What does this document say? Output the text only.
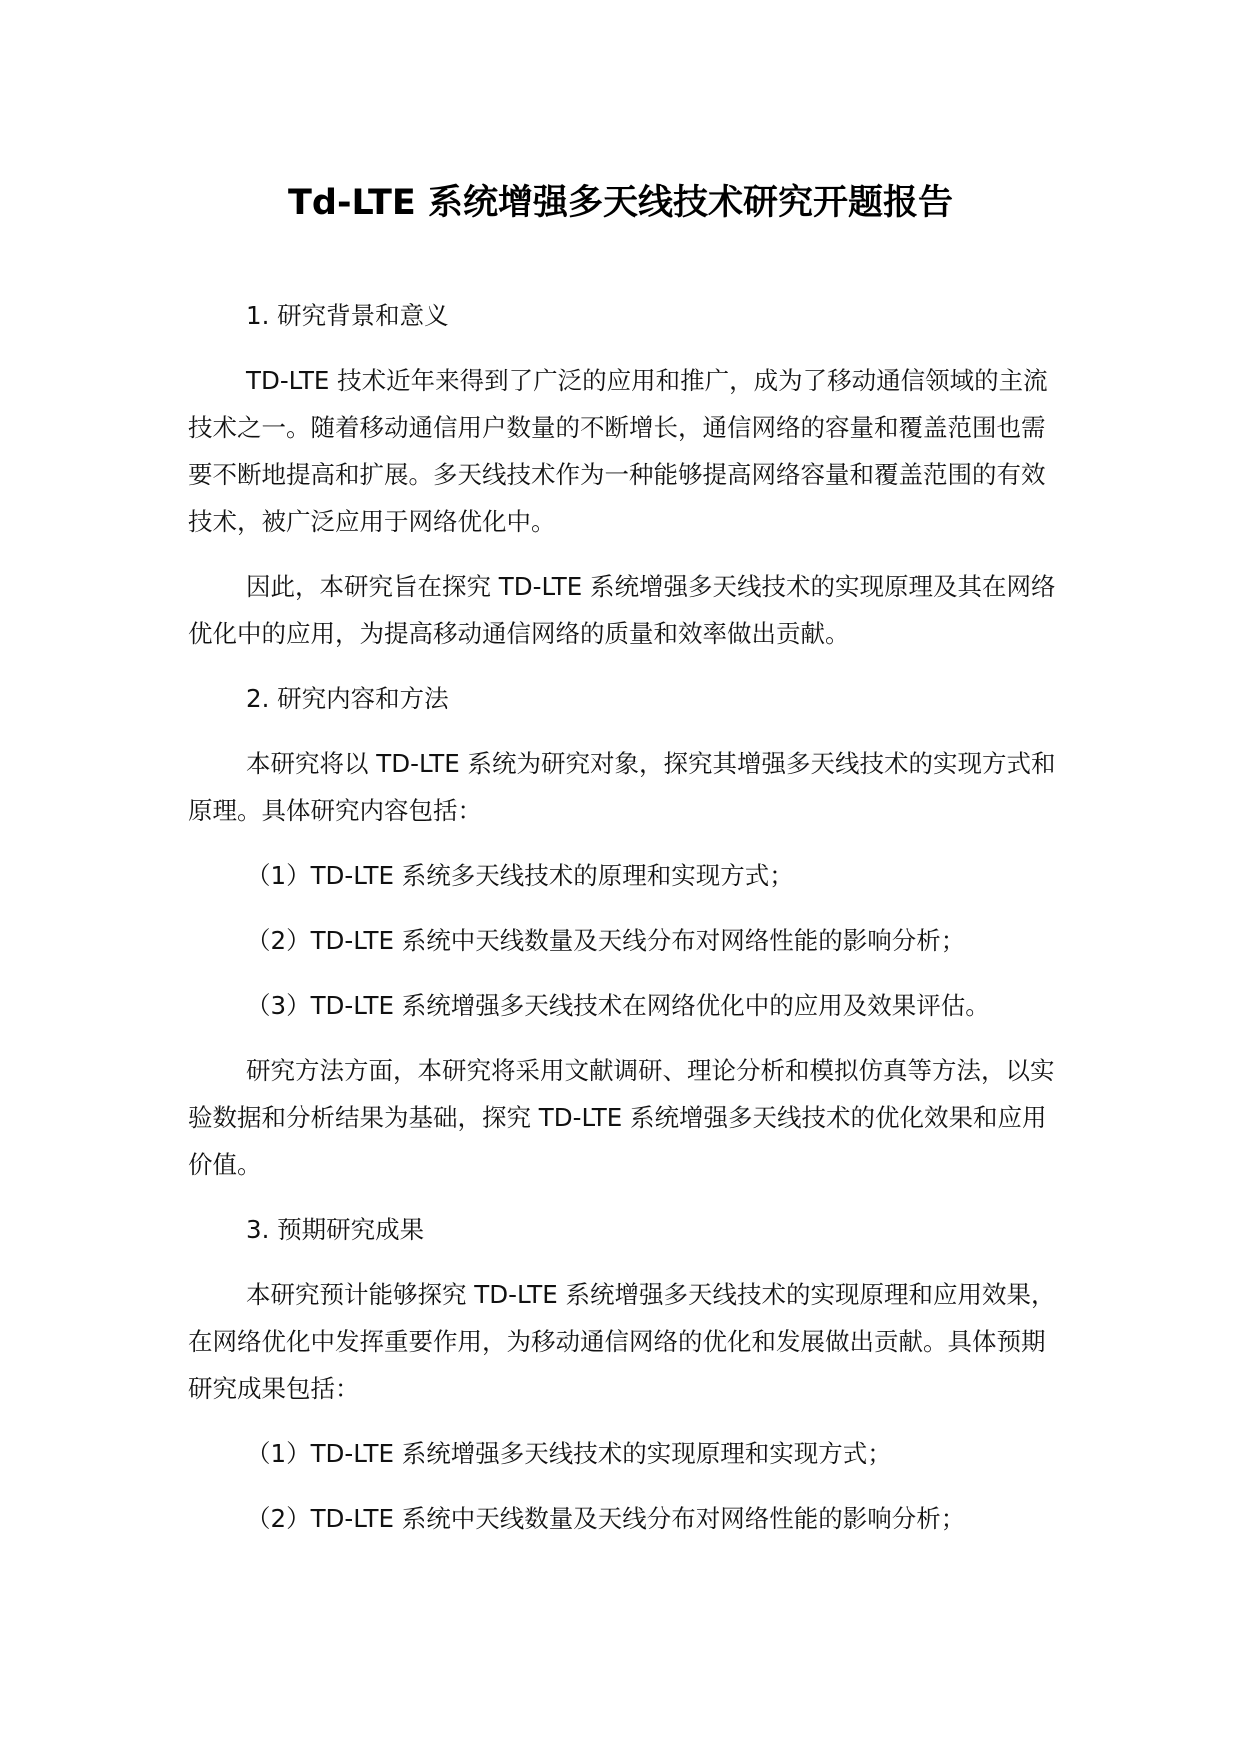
Td-LTE 系统增强多天线技术研究开题报告

1. 研究背景和意义

TD-LTE 技术近年来得到了广泛的应用和推广，成为了移动通信领域的主流技术之一。随着移动通信用户数量的不断增长，通信网络的容量和覆盖范围也需要不断地提高和扩展。多天线技术作为一种能够提高网络容量和覆盖范围的有效技术，被广泛应用于网络优化中。

因此，本研究旨在探究 TD-LTE 系统增强多天线技术的实现原理及其在网络优化中的应用，为提高移动通信网络的质量和效率做出贡献。

2. 研究内容和方法

本研究将以 TD-LTE 系统为研究对象，探究其增强多天线技术的实现方式和原理。具体研究内容包括：

（1）TD-LTE 系统多天线技术的原理和实现方式；

（2）TD-LTE 系统中天线数量及天线分布对网络性能的影响分析；

（3）TD-LTE 系统增强多天线技术在网络优化中的应用及效果评估。

研究方法方面，本研究将采用文献调研、理论分析和模拟仿真等方法，以实验数据和分析结果为基础，探究 TD-LTE 系统增强多天线技术的优化效果和应用价值。

3. 预期研究成果

本研究预计能够探究 TD-LTE 系统增强多天线技术的实现原理和应用效果，在网络优化中发挥重要作用，为移动通信网络的优化和发展做出贡献。具体预期研究成果包括：

（1）TD-LTE 系统增强多天线技术的实现原理和实现方式；

（2）TD-LTE 系统中天线数量及天线分布对网络性能的影响分析；
